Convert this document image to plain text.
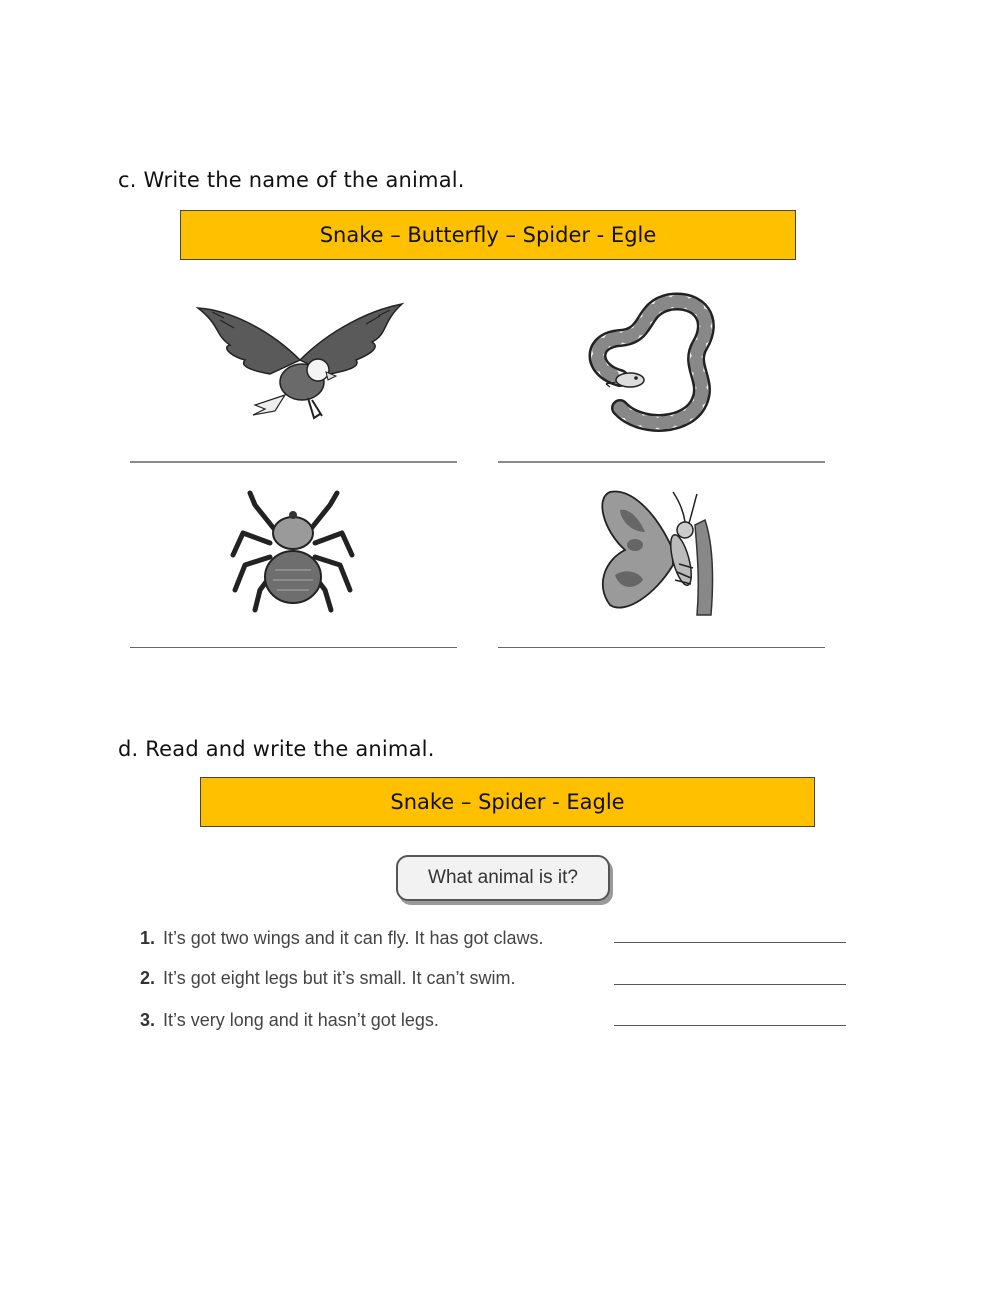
c. Write the name of the animal.
Snake – Butterfly – Spider - Egle
d. Read and write the animal.
Snake – Spider - Eagle
What animal is it?
1. It’s got two wings and it can fly. It has got claws.
2. It’s got eight legs but it’s small. It can’t swim.
3. It’s very long and it hasn’t got legs.
